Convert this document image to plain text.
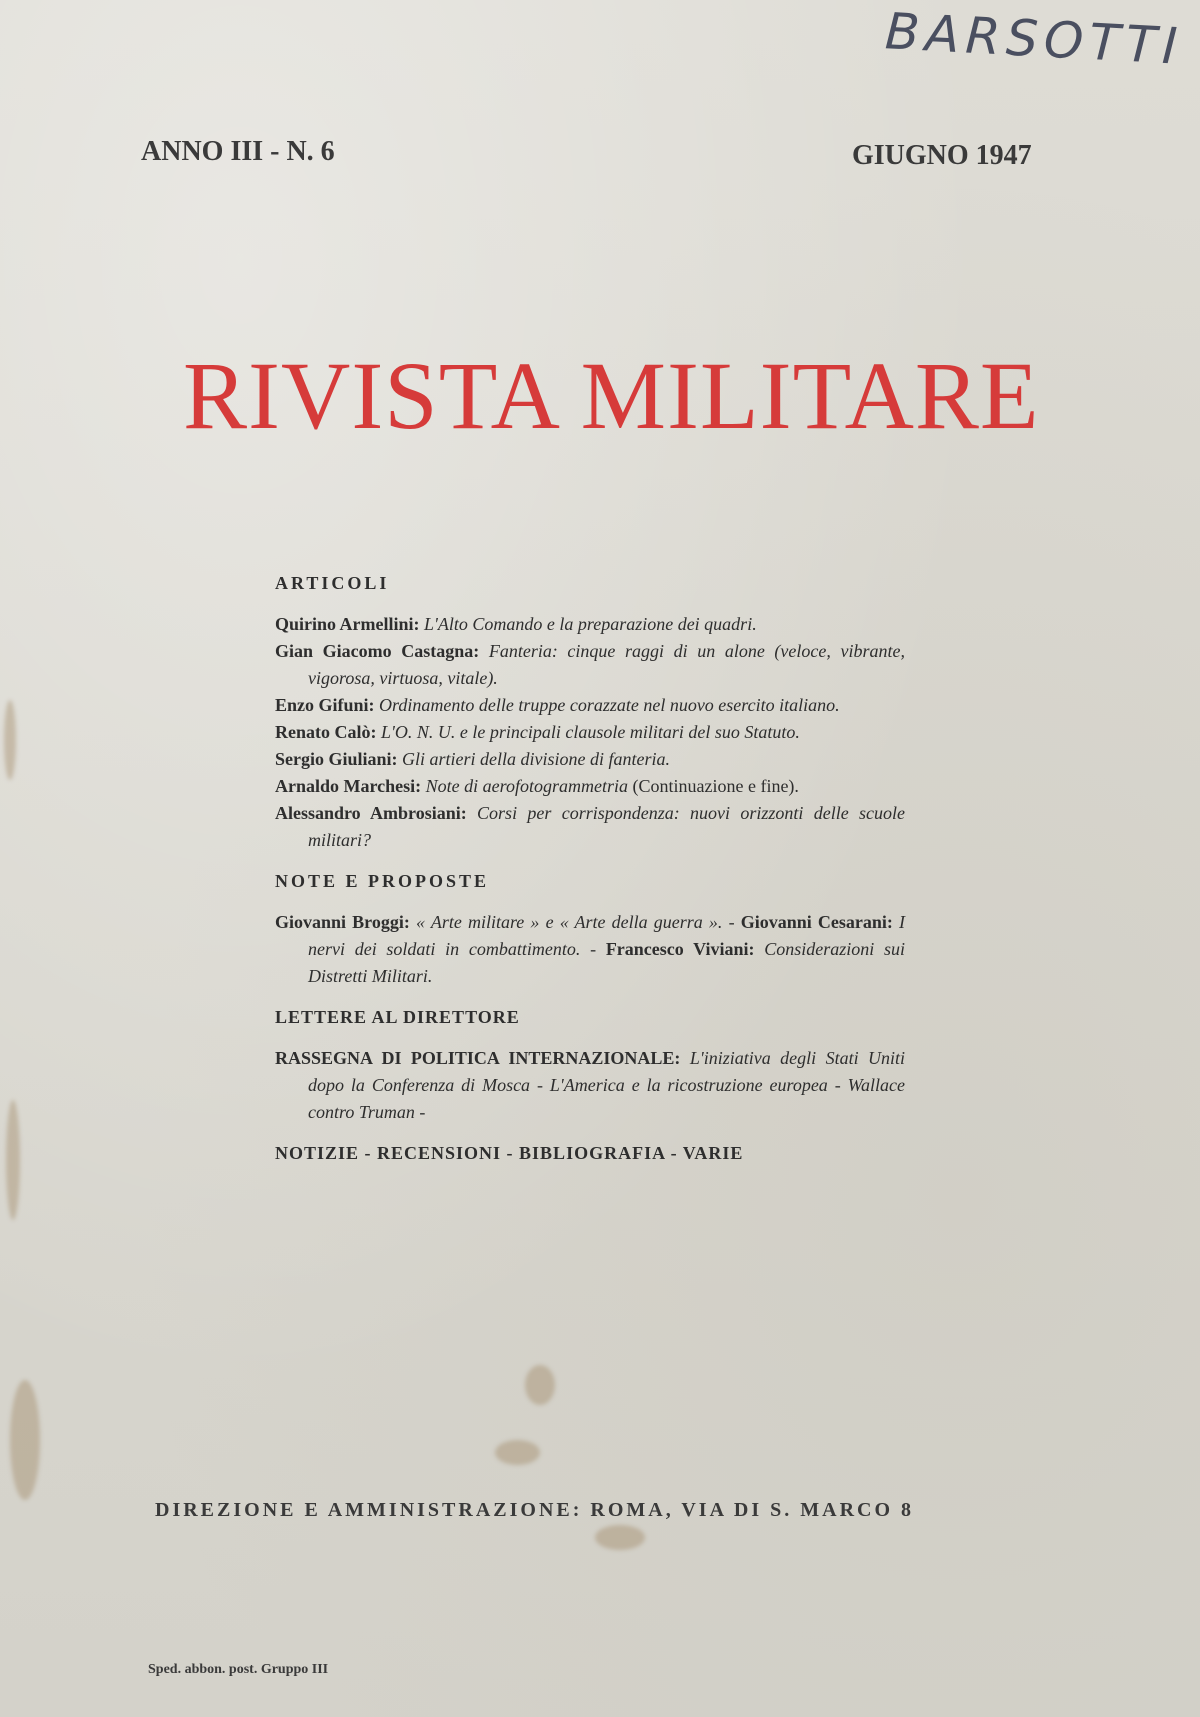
BARSOTTI
ANNO III - N. 6	GIUGNO 1947
RIVISTA MILITARE
ARTICOLI

Quirino Armellini: L'Alto Comando e la preparazione dei quadri.

Gian Giacomo Castagna: Fanteria: cinque raggi di un alone (veloce, vibrante, vigorosa, virtuosa, vitale).

Enzo Gifuni: Ordinamento delle truppe corazzate nel nuovo esercito italiano.

Renato Calò: L'O. N. U. e le principali clausole militari del suo Statuto.

Sergio Giuliani: Gli artieri della divisione di fanteria.

Arnaldo Marchesi: Note di aerofotogrammetria (Continuazione e fine).

Alessandro Ambrosiani: Corsi per corrispondenza: nuovi orizzonti delle scuole militari?

NOTE E PROPOSTE

Giovanni Broggi: « Arte militare » e « Arte della guerra ». - Giovanni Cesarani: I nervi dei soldati in combattimento. - Francesco Viviani: Considerazioni sui Distretti Militari.

LETTERE AL DIRETTORE

RASSEGNA DI POLITICA INTERNAZIONALE: L'iniziativa degli Stati Uniti dopo la Conferenza di Mosca - L'America e la ricostruzione europea - Wallace contro Truman -

NOTIZIE - RECENSIONI - BIBLIOGRAFIA - VARIE
DIREZIONE E AMMINISTRAZIONE: ROMA, VIA DI S. MARCO 8
Sped. abbon. post. Gruppo III
